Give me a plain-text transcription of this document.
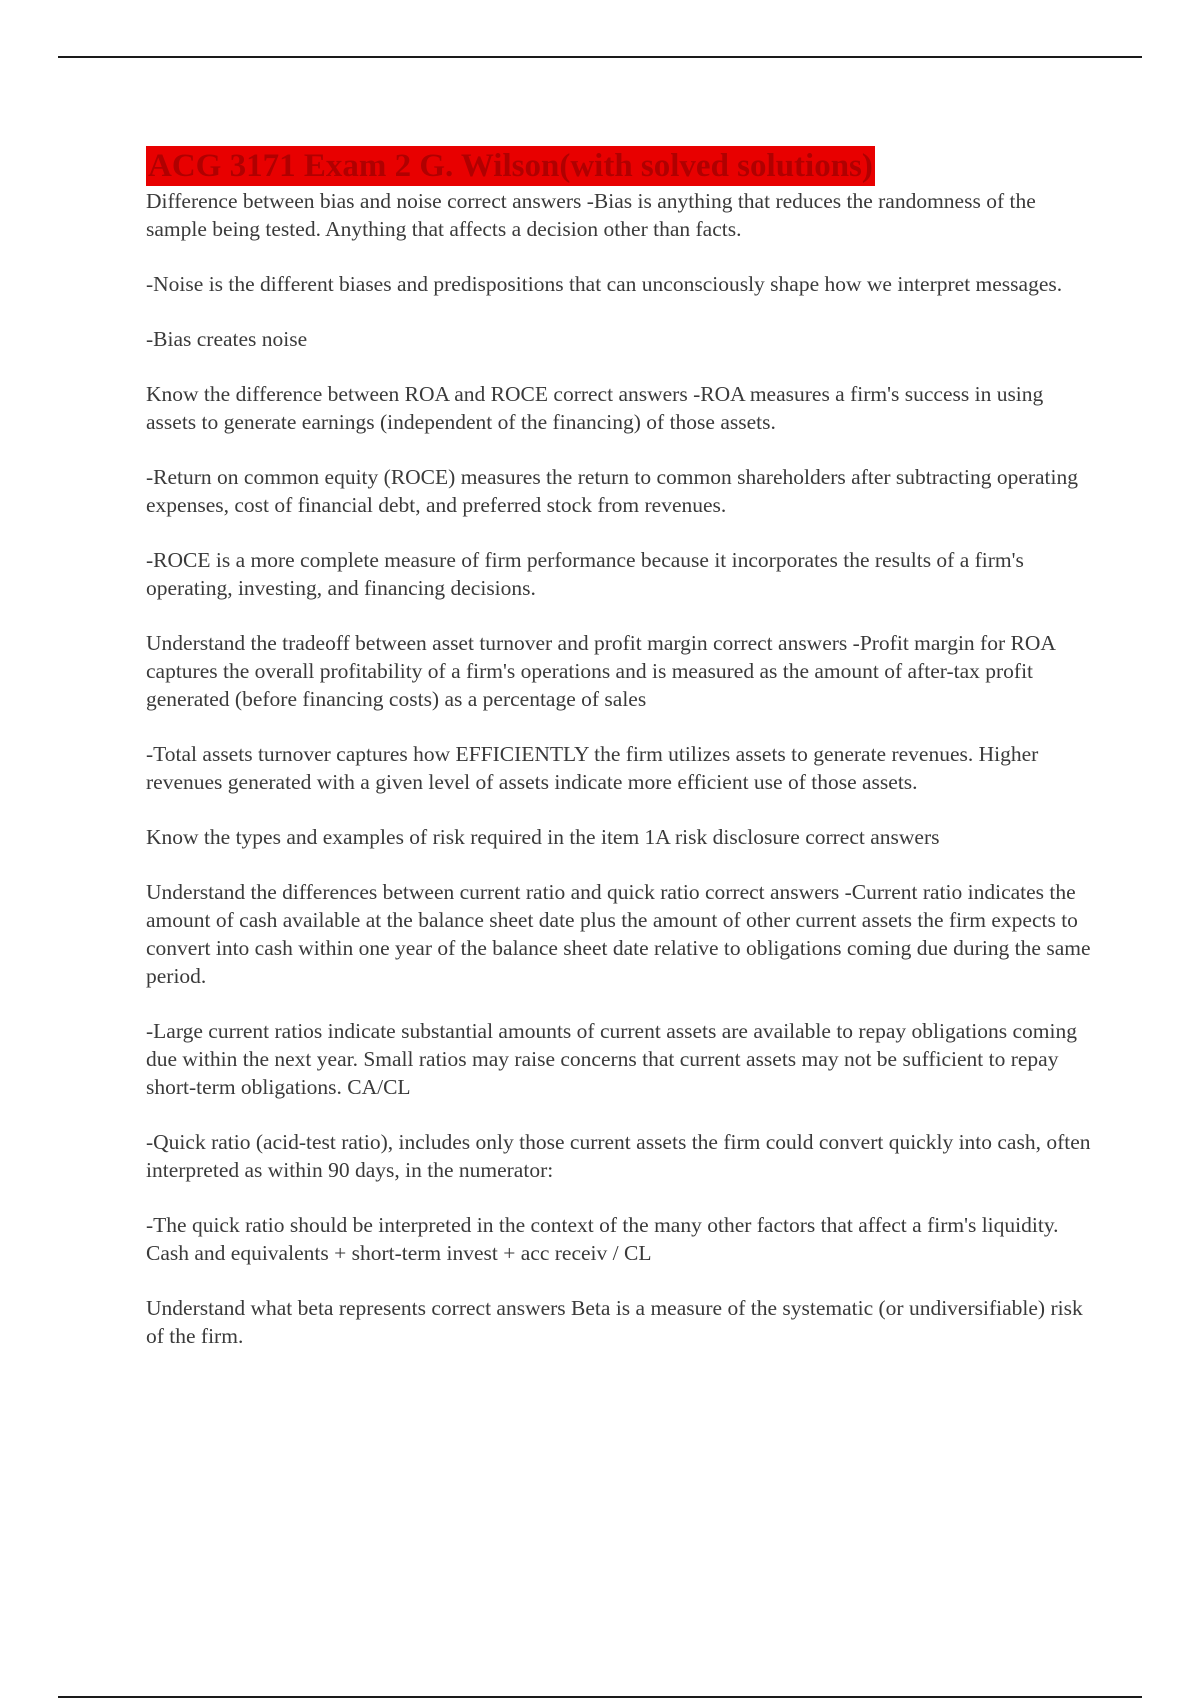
ACG 3171 Exam 2 G. Wilson(with solved solutions)

Difference between bias and noise correct answers -Bias is anything that reduces the randomness of the sample being tested. Anything that affects a decision other than facts.

-Noise is the different biases and predispositions that can unconsciously shape how we interpret messages.

-Bias creates noise

Know the difference between ROA and ROCE correct answers -ROA measures a firm's success in using assets to generate earnings (independent of the financing) of those assets.

-Return on common equity (ROCE) measures the return to common shareholders after subtracting operating expenses, cost of financial debt, and preferred stock from revenues.

-ROCE is a more complete measure of firm performance because it incorporates the results of a firm's operating, investing, and financing decisions.

Understand the tradeoff between asset turnover and profit margin correct answers -Profit margin for ROA captures the overall profitability of a firm's operations and is measured as the amount of after-tax profit generated (before financing costs) as a percentage of sales

-Total assets turnover captures how EFFICIENTLY the firm utilizes assets to generate revenues. Higher revenues generated with a given level of assets indicate more efficient use of those assets.

Know the types and examples of risk required in the item 1A risk disclosure correct answers

Understand the differences between current ratio and quick ratio correct answers -Current ratio indicates the amount of cash available at the balance sheet date plus the amount of other current assets the firm expects to convert into cash within one year of the balance sheet date relative to obligations coming due during the same period.

-Large current ratios indicate substantial amounts of current assets are available to repay obligations coming due within the next year. Small ratios may raise concerns that current assets may not be sufficient to repay short-term obligations. CA/CL

-Quick ratio (acid-test ratio), includes only those current assets the firm could convert quickly into cash, often interpreted as within 90 days, in the numerator:

-The quick ratio should be interpreted in the context of the many other factors that affect a firm's liquidity. Cash and equivalents + short-term invest + acc receiv / CL

Understand what beta represents correct answers Beta is a measure of the systematic (or undiversifiable) risk of the firm.
